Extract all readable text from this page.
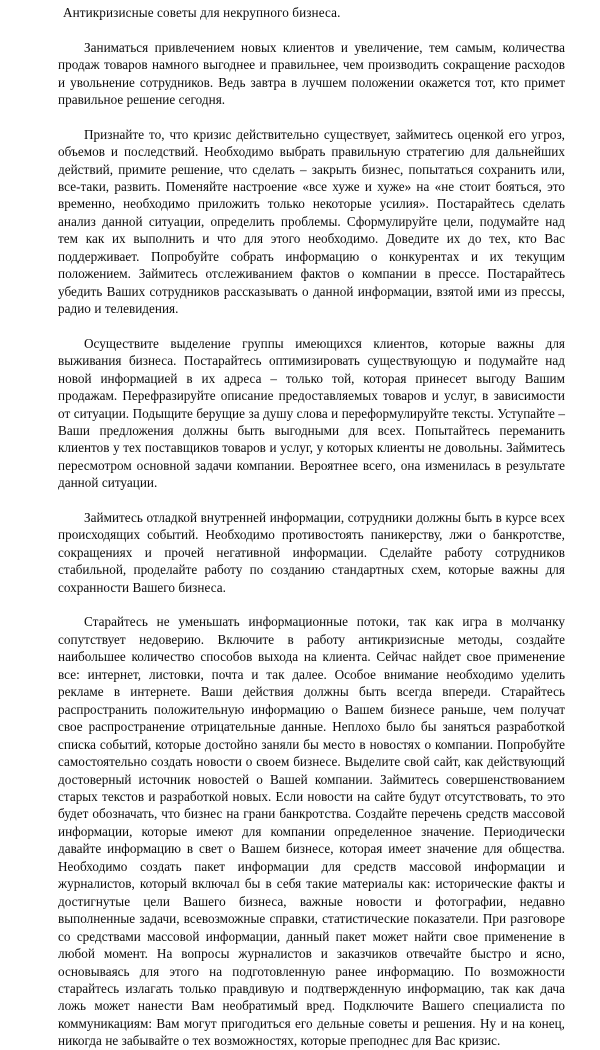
Антикризисные советы для некрупного бизнеса.

Заниматься привлечением новых клиентов и увеличение, тем самым, количества продаж товаров намного выгоднее и правильнее, чем производить сокращение расходов и увольнение сотрудников. Ведь завтра в лучшем положении окажется тот, кто примет правильное решение сегодня.

Признайте то, что кризис действительно существует, займитесь оценкой его угроз, объемов и последствий. Необходимо выбрать правильную стратегию для дальнейших действий, примите решение, что сделать – закрыть бизнес, попытаться сохранить или, все-таки, развить. Поменяйте настроение «все хуже и хуже» на «не стоит бояться, это временно, необходимо приложить только некоторые усилия». Постарайтесь сделать анализ данной ситуации, определить проблемы. Сформулируйте цели, подумайте над тем как их выполнить и что для этого необходимо. Доведите их до тех, кто Вас поддерживает. Попробуйте собрать информацию о конкурентах и их текущим положением. Займитесь отслеживанием фактов о компании в прессе. Постарайтесь убедить Ваших сотрудников рассказывать о данной информации, взятой ими из прессы, радио и телевидения.

Осуществите выделение группы имеющихся клиентов, которые важны для выживания бизнеса. Постарайтесь оптимизировать существующую и подумайте над новой информацией в их адреса – только той, которая принесет выгоду Вашим продажам. Перефразируйте описание предоставляемых товаров и услуг, в зависимости от ситуации. Подыщите берущие за душу слова и переформулируйте тексты. Уступайте – Ваши предложения должны быть выгодными для всех. Попытайтесь переманить клиентов у тех поставщиков товаров и услуг, у которых клиенты не довольны. Займитесь пересмотром основной задачи компании. Вероятнее всего, она изменилась в результате данной ситуации.

Займитесь отладкой внутренней информации, сотрудники должны быть в курсе всех происходящих событий. Необходимо противостоять паникерству, лжи о банкротстве, сокращениях и прочей негативной информации. Сделайте работу сотрудников стабильной, проделайте работу по созданию стандартных схем, которые важны для сохранности Вашего бизнеса.

Старайтесь не уменьшать информационные потоки, так как игра в молчанку сопутствует недоверию. Включите в работу антикризисные методы, создайте наибольшее количество способов выхода на клиента. Сейчас найдет свое применение все: интернет, листовки, почта и так далее. Особое внимание необходимо уделить рекламе в интернете. Ваши действия должны быть всегда впереди. Старайтесь распространить положительную информацию о Вашем бизнесе раньше, чем получат свое распространение отрицательные данные. Неплохо было бы заняться разработкой списка событий, которые достойно заняли бы место в новостях о компании. Попробуйте самостоятельно создать новости о своем бизнесе. Выделите свой сайт, как действующий достоверный источник новостей о Вашей компании. Займитесь совершенствованием старых текстов и разработкой новых. Если новости на сайте будут отсутствовать, то это будет обозначать, что бизнес на грани банкротства. Создайте перечень средств массовой информации, которые имеют для компании определенное значение. Периодически давайте информацию в свет о Вашем бизнесе, которая имеет значение для общества. Необходимо создать пакет информации для средств массовой информации и журналистов, который включал бы в себя такие материалы как: исторические факты и достигнутые цели Вашего бизнеса, важные новости и фотографии, недавно выполненные задачи, всевозможные справки, статистические показатели. При разговоре со средствами массовой информации, данный пакет может найти свое применение в любой момент. На вопросы журналистов и заказчиков отвечайте быстро и ясно, основываясь для этого на подготовленную ранее информацию. По возможности старайтесь излагать только правдивую и подтвержденную информацию, так как дача ложь может нанести Вам необратимый вред. Подключите Вашего специалиста по коммуникациям: Вам могут пригодиться его дельные советы и решения. Ну и на конец, никогда не забывайте о тех возможностях, которые преподнес для Вас кризис.
